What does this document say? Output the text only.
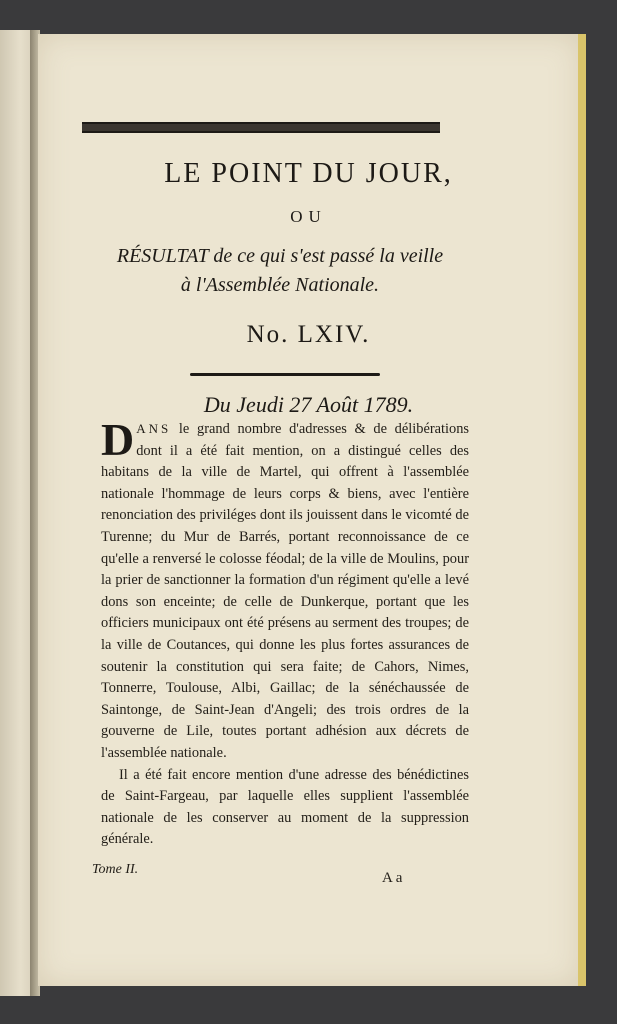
LE POINT DU JOUR,
OU
RÉSULTAT de ce qui s'est passé la veille
à l'Assemblée Nationale.
No. LXIV.
Du Jeudi 27 Août 1789.

DANS le grand nombre d'adresses & de délibérations dont il a été fait mention, on a distingué celles des habitans de la ville de Martel, qui offrent à l'assemblée nationale l'hommage de leurs corps & biens, avec l'entière renonciation des priviléges dont ils jouissent dans le vicomté de Turenne; du Mur de Barrés, portant reconnoissance de ce qu'elle a renversé le colosse féodal; de la ville de Moulins, pour la prier de sanctionner la formation d'un régiment qu'elle a levé dons son enceinte; de celle de Dunkerque, portant que les officiers municipaux ont été présens au serment des troupes; de la ville de Coutances, qui donne les plus fortes assurances de soutenir la constitution qui sera faite; de Cahors, Nimes, Tonnerre, Toulouse, Albi, Gaillac; de la sénéchaussée de Saintonge, de Saint-Jean d'Angeli; des trois ordres de la gouverne de Lile, toutes portant adhésion aux décrets de l'assemblée nationale.

Il a été fait encore mention d'une adresse des bénédictines de Saint-Fargeau, par laquelle elles supplient l'assemblée nationale de les conserver au moment de la suppression générale.

Tome II.
A a
